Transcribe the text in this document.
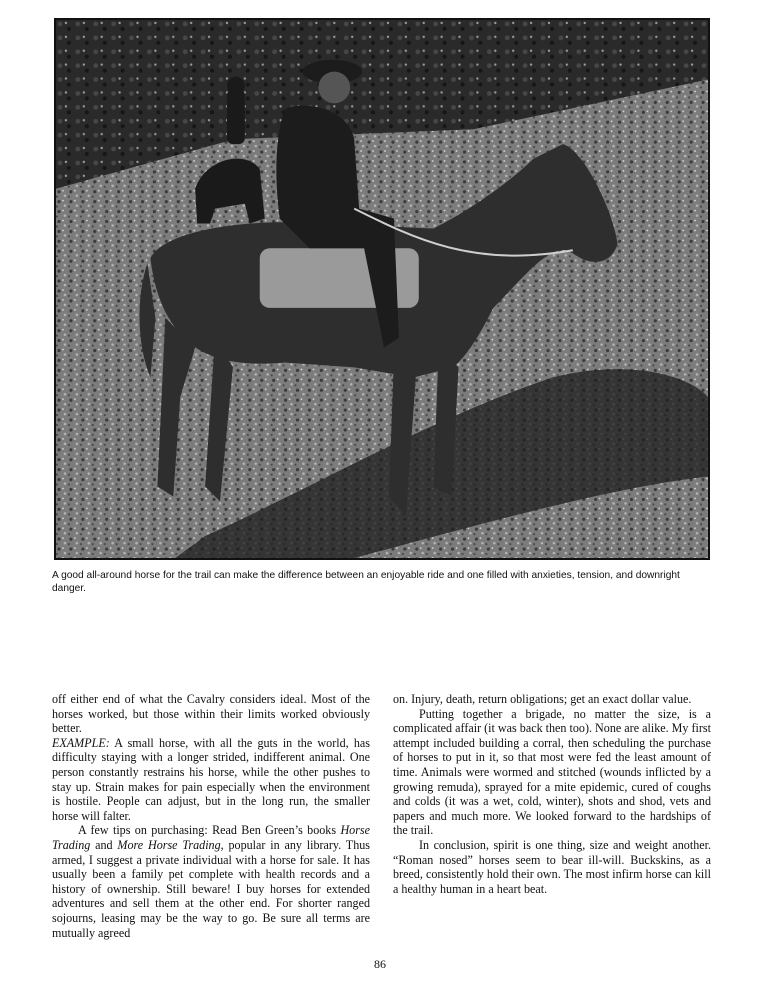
A good all-around horse for the trail can make the difference between an enjoyable ride and one filled with anxieties, tension, and downright danger.

off either end of what the Cavalry considers ideal. Most of the horses worked, but those within their limits worked obviously better.

EXAMPLE: A small horse, with all the guts in the world, has difficulty staying with a longer strided, indifferent animal. One person constantly restrains his horse, while the other pushes to stay up. Strain makes for pain especially when the environment is hostile. People can adjust, but in the long run, the smaller horse will falter.

A few tips on purchasing: Read Ben Green’s books Horse Trading and More Horse Trading, popular in any library. Thus armed, I suggest a private individual with a horse for sale. It has usually been a family pet complete with health records and a history of ownership. Still beware! I buy horses for extended adventures and sell them at the other end. For shorter ranged sojourns, leasing may be the way to go. Be sure all terms are mutually agreed

on. Injury, death, return obligations; get an exact dollar value.

Putting together a brigade, no matter the size, is a complicated affair (it was back then too). None are alike. My first attempt included building a corral, then scheduling the purchase of horses to put in it, so that most were fed the least amount of time. Animals were wormed and stitched (wounds inflicted by a growing remuda), sprayed for a mite epidemic, cured of coughs and colds (it was a wet, cold, winter), shots and shod, vets and papers and much more. We looked forward to the hardships of the trail.

In conclusion, spirit is one thing, size and weight another. “Roman nosed” horses seem to bear ill-will. Buckskins, as a breed, consistently hold their own. The most infirm horse can kill a healthy human in a heart beat.

86
